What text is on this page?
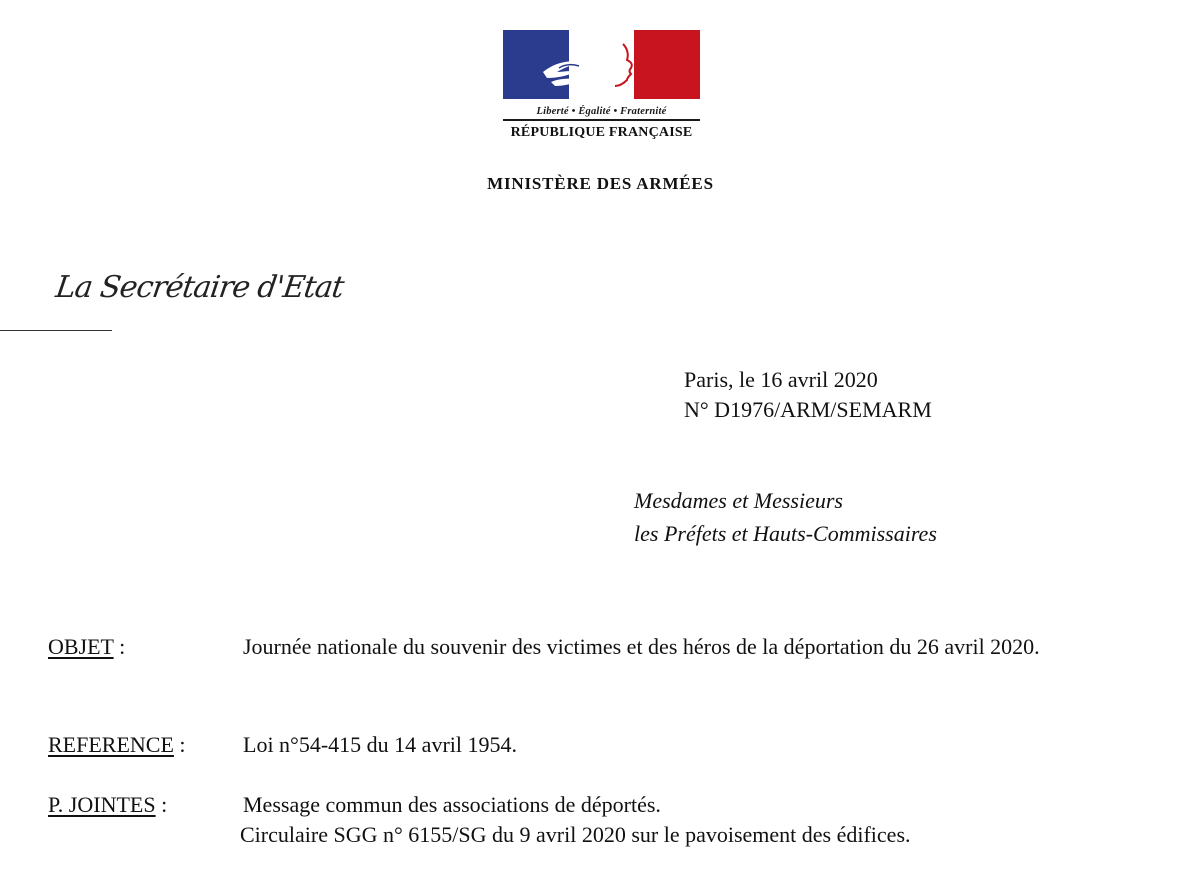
Liberté • Égalité • Fraternité
RÉPUBLIQUE FRANÇAISE
MINISTÈRE DES ARMÉES
La Secrétaire d'Etat
Paris, le 16 avril 2020
N° D1976/ARM/SEMARM
Mesdames et Messieurs
les Préfets et Hauts-Commissaires
OBJET :	Journée nationale du souvenir des victimes et des héros de la déportation du 26 avril 2020.
REFERENCE :	Loi n°54-415 du 14 avril 1954.
P. JOINTES :	Message commun des associations de déportés.
Circulaire SGG n° 6155/SG du 9 avril 2020 sur le pavoisement des édifices.
